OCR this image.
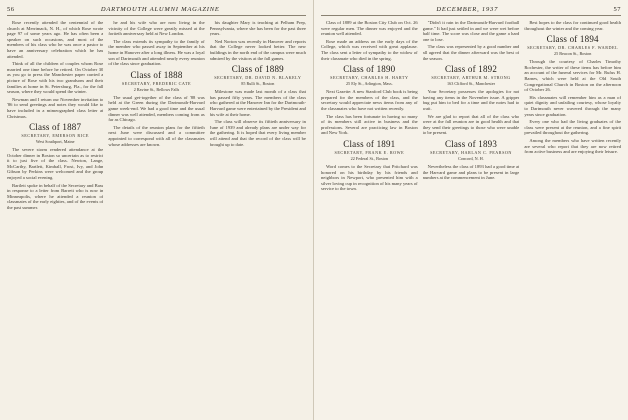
56	DARTMOUTH ALUMNI MAGAZINE

Rose recently attended the centennial of the church at Merrimack, N. H., of which Rose wrote page 97 of some years ago. He has often been a speaker on such occasions, and most of the members of his class who he was once a pastor to have an anniversary celebration which he has attended.

Think of all the children of couples whom Rose married one time before he retired. On October 30 as you go to press the Manchester paper carried a picture of Rose with his two grandsons and their families at home in St. Petersburg, Fla., for the fall season, where they would spend the winter.

Newman and I return our November invitation to '86 to send greetings and notes they would like to have included in a mimeographed class letter at Christmas.

Class of 1887
SECRETARY, EMERSON RICE
West Southport, Maine

The severe storm rendered attendance at the October dinner in Boston so uncertain as to restrict it to just five of the class. Newton, Lange, McCarthy, Bartlett, Kimball, Frost, Ivy, and John Gibson by Perkins were welcomed and the group enjoyed a social evening.

Bartlett spoke in behalf of the Secretary and Bass in response to a letter from Barrett who is now in Minneapolis, where he attended a reunion of classmates of the early eighties, and of the events of the past summer.

he and his wife who are now living in the vicinity of the College were greatly missed at the fortieth anniversary held at New London.

The class extends its sympathy to the family of the member who passed away in September at his home in Hanover after a long illness. He was a loyal son of Dartmouth and attended nearly every reunion of the class since graduation.

Class of 1888
SECRETARY, FREDERIC CATE
2 Ravine St., Bellows Falls

The usual get-together of the class of '88 was held at the Green during the Dartmouth-Harvard game week-end. We had a good time and the usual dinner was well attended, members coming from as far as Chicago.

The details of the reunion plans for the fiftieth next June were discussed and a committee appointed to correspond with all of the classmates whose addresses are known.

his daughter Mary is teaching at Pelham Prep, Pennsylvania, where she has been for the past three years.

Ned Norton was recently in Hanover and reports that the College never looked better. The new buildings in the north end of the campus were much admired by the visitors at the fall games.

Class of 1889
SECRETARY, DR. DAVID N. BLAKELY
85 Rulli St., Boston

Milestone was made last month of a class that has passed fifty years. The members of the class who gathered at the Hanover Inn for the Dartmouth-Harvard game were entertained by the President and his wife at their home.

The class will observe its fiftieth anniversary in June of 1939 and already plans are under way for the gathering. It is hoped that every living member will attend and that the record of the class will be brought up to date.

DECEMBER, 1937	57

Class of 1889 at the Boston City Club on Oct. 26 were regular men. The dinner was enjoyed and the reunion well attended.

Rose made an address on the early days of the College, which was received with great applause. The class sent a letter of sympathy to the widow of their classmate who died in the spring.

Class of 1890
SECRETARY, CHARLES H. HARTY
25 Ely St., Arlington, Mass.

Next Gazette: A new Stanford Club book is being prepared for the members of the class, and the secretary would appreciate news items from any of the classmates who have not written recently.

The class has been fortunate in having so many of its members still active in business and the professions. Several are practicing law in Boston and New York.

Class of 1891
SECRETARY, FRANK E. ROWE
22 Federal St., Boston

Word comes to the Secretary that Pritchard was honored on his birthday by his friends and neighbors in Newport, who presented him with a silver loving cup in recognition of his many years of service to the town.

"Didn't it rain in the Dartmouth-Harvard football game." It had just settled in and we were wet before half time. The score was close and the game a hard one to lose.

The class was represented by a good number and all agreed that the dinner afterward was the best of the season.

Class of 1892
SECRETARY, ARTHUR M. STRONG
163 Clifford St., Manchester

Your Secretary possesses the apologies for not having any items in the November issue. A gripper bug put him to bed for a time and the notes had to wait.

We are glad to report that all of the class who were at the fall reunion are in good health and that they send their greetings to those who were unable to be present.

Class of 1893
SECRETARY, HARLAN C. PEARSON
Concord, N. H.

Nevertheless the class of 1893 had a good time at the Harvard game and plans to be present in large numbers at the commencement in June.

Best hopes to the class for continued good health throughout the winter and the coming year.

Class of 1894
SECRETARY, DR. CHARLES F. WARDEL
25 Beacon St., Boston

Through the courtesy of Charles Timothy Rochester, the writer of these items has before him an account of the funeral services for Mr. Rufus H. Barnes, which were held at the Old South Congregational Church in Boston on the afternoon of October 26.

His classmates will remember him as a man of quiet dignity and unfailing courtesy, whose loyalty to Dartmouth never wavered through the many years since graduation.

Every one who had the living graduates of the class were present at the reunion, and a fine spirit prevailed throughout the gathering.

Among the members who have written recently are several who report that they are now retired from active business and are enjoying their leisure.
